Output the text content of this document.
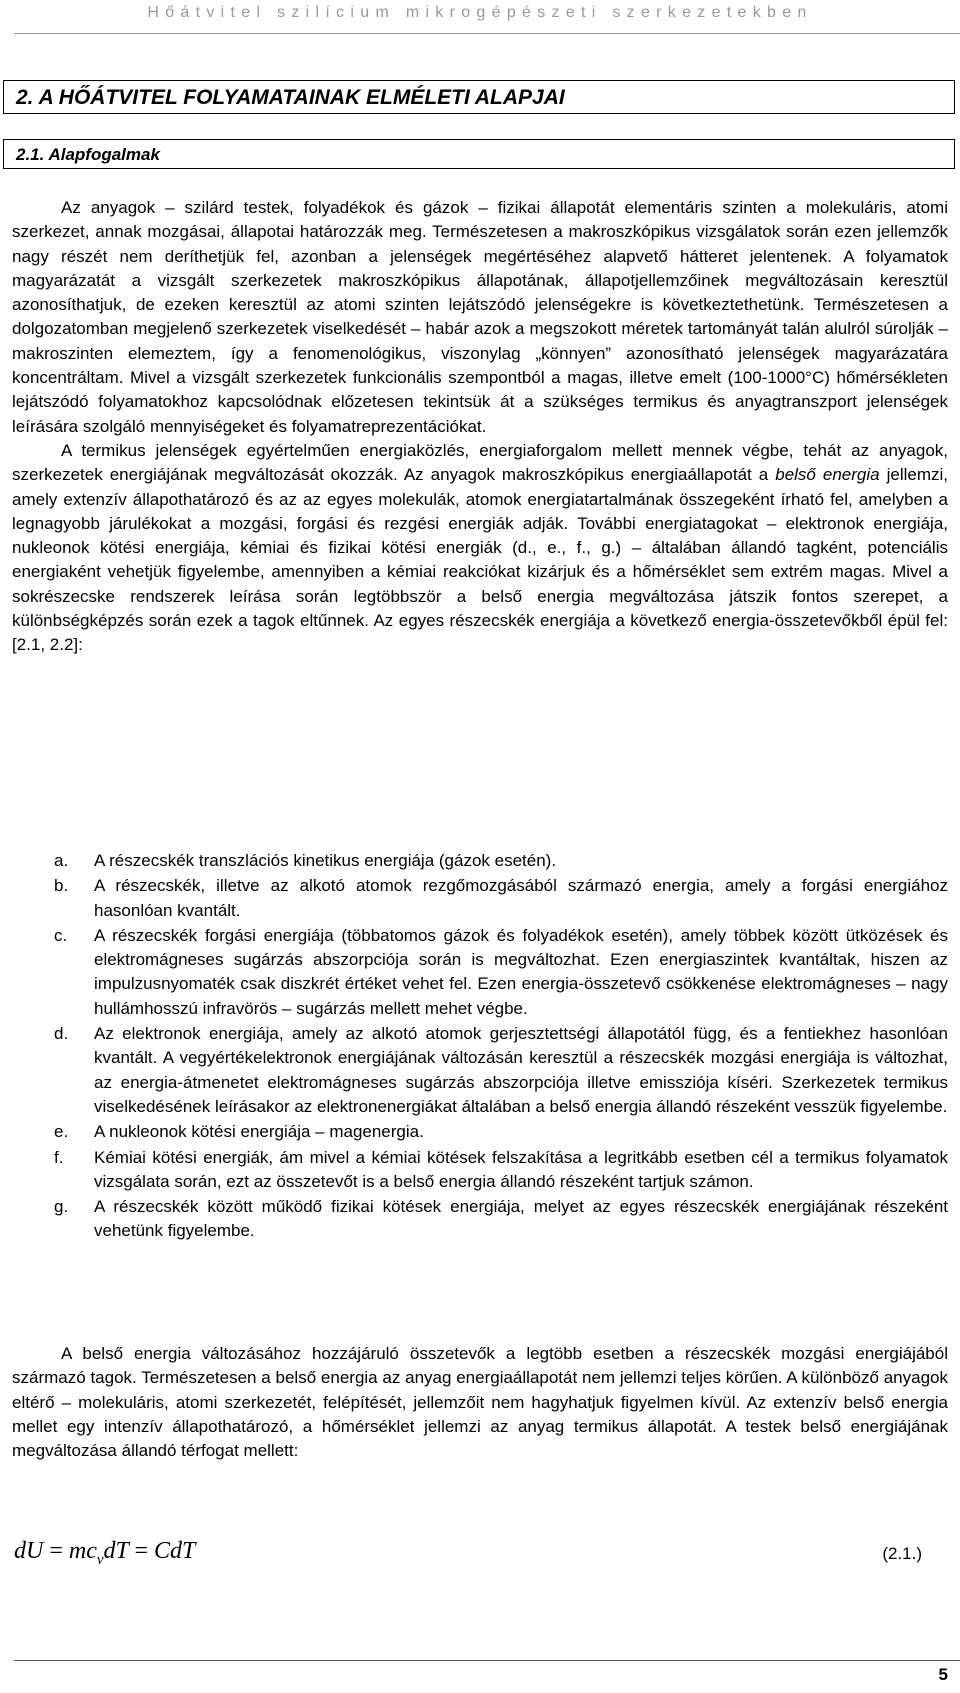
Hőátvitel szilícium mikrogépészeti szerkezetekben
2. A HŐÁTVITEL FOLYAMATAINAK ELMÉLETI ALAPJAI
2.1. Alapfogalmak

Az anyagok – szilárd testek, folyadékok és gázok – fizikai állapotát elementáris szinten a molekuláris, atomi szerkezet, annak mozgásai, állapotai határozzák meg. Természetesen a makroszkópikus vizsgálatok során ezen jellemzők nagy részét nem deríthetjük fel, azonban a jelenségek megértéséhez alapvető hátteret jelentenek. A folyamatok magyarázatát a vizsgált szerkezetek makroszkópikus állapotának, állapotjellemzőinek megváltozásain keresztül azonosíthatjuk, de ezeken keresztül az atomi szinten lejátszódó jelenségekre is következtethetünk. Természetesen a dolgozatomban megjelenő szerkezetek viselkedését – habár azok a megszokott méretek tartományát talán alulról súrolják – makroszinten elemeztem, így a fenomenológikus, viszonylag „könnyen” azonosítható jelenségek magyarázatára koncentráltam. Mivel a vizsgált szerkezetek funkcionális szempontból a magas, illetve emelt (100-1000°C) hőmérsékleten lejátszódó folyamatokhoz kapcsolódnak előzetesen tekintsük át a szükséges termikus és anyagtranszport jelenségek leírására szolgáló mennyiségeket és folyamatreprezentációkat.

A termikus jelenségek egyértelműen energiaközlés, energiaforgalom mellett mennek végbe, tehát az anyagok, szerkezetek energiájának megváltozását okozzák. Az anyagok makroszkópikus energiaállapotát a belső energia jellemzi, amely extenzív állapothatározó és az az egyes molekulák, atomok energiatartalmának összegeként írható fel, amelyben a legnagyobb járulékokat a mozgási, forgási és rezgési energiák adják. További energiatagokat – elektronok energiája, nukleonok kötési energiája, kémiai és fizikai kötési energiák (d., e., f., g.) – általában állandó tagként, potenciális energiaként vehetjük figyelembe, amennyiben a kémiai reakciókat kizárjuk és a hőmérséklet sem extrém magas. Mivel a sokrészecske rendszerek leírása során legtöbbször a belső energia megváltozása játszik fontos szerepet, a különbségképzés során ezek a tagok eltűnnek. Az egyes részecskék energiája a következő energia-összetevőkből épül fel: [2.1, 2.2]:

a. A részecskék transzlációs kinetikus energiája (gázok esetén).
b. A részecskék, illetve az alkotó atomok rezgőmozgásából származó energia, amely a forgási energiához hasonlóan kvantált.
c. A részecskék forgási energiája (többatomos gázok és folyadékok esetén), amely többek között ütközések és elektromágneses sugárzás abszorpciója során is megváltozhat. Ezen energiaszintek kvantáltak, hiszen az impulzusnyomaték csak diszkrét értéket vehet fel. Ezen energia-összetevő csökkenése elektromágneses – nagy hullámhosszú infravörös – sugárzás mellett mehet végbe.
d. Az elektronok energiája, amely az alkotó atomok gerjesztettségi állapotától függ, és a fentiekhez hasonlóan kvantált. A vegyértékelektronok energiájának változásán keresztül a részecskék mozgási energiája is változhat, az energia-átmenetet elektromágneses sugárzás abszorpciója illetve emissziója kíséri. Szerkezetek termikus viselkedésének leírásakor az elektronenergiákat általában a belső energia állandó részeként vesszük figyelembe.
e. A nukleonok kötési energiája – magenergia.
f. Kémiai kötési energiák, ám mivel a kémiai kötések felszakítása a legritkább esetben cél a termikus folyamatok vizsgálata során, ezt az összetevőt is a belső energia állandó részeként tartjuk számon.
g. A részecskék között működő fizikai kötések energiája, melyet az egyes részecskék energiájának részeként vehetünk figyelembe.

A belső energia változásához hozzájáruló összetevők a legtöbb esetben a részecskék mozgási energiájából származó tagok. Természetesen a belső energia az anyag energiaállapotát nem jellemzi teljes körűen. A különböző anyagok eltérő – molekuláris, atomi szerkezetét, felépítését, jellemzőit nem hagyhatjuk figyelmen kívül. Az extenzív belső energia mellet egy intenzív állapothatározó, a hőmérséklet jellemzi az anyag termikus állapotát. A testek belső energiájának megváltozása állandó térfogat mellett:

dU = $mc_vdT$ = CdT	(2.1.)
5
